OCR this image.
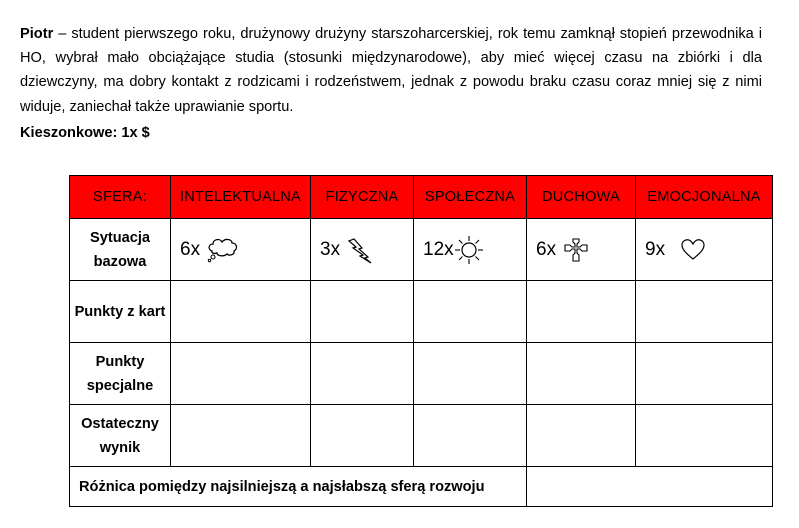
Piotr – student pierwszego roku, drużynowy drużyny starszoharcerskiej, rok temu zamknął stopień przewodnika i HO, wybrał mało obciążające studia (stosunki międzynarodowe), aby mieć więcej czasu na zbiórki i dla dziewczyny, ma dobry kontakt z rodzicami i rodzeństwem, jednak z powodu braku czasu coraz mniej się z nimi widuje, zaniechał także uprawianie sportu.
Kieszonkowe: 1x $
SFERA:	INTELEKTUALNA	FIZYCZNA	SPOŁECZNA	DUCHOWA	EMOCJONALNA
Sytuacja bazowa	6x	3x	12x	6x	9x

Punkty z kart					
Punkty specjalne					
Ostateczny wynik					
Różnica pomiędzy najsilniejszą a najsłabszą sferą rozwoju					
